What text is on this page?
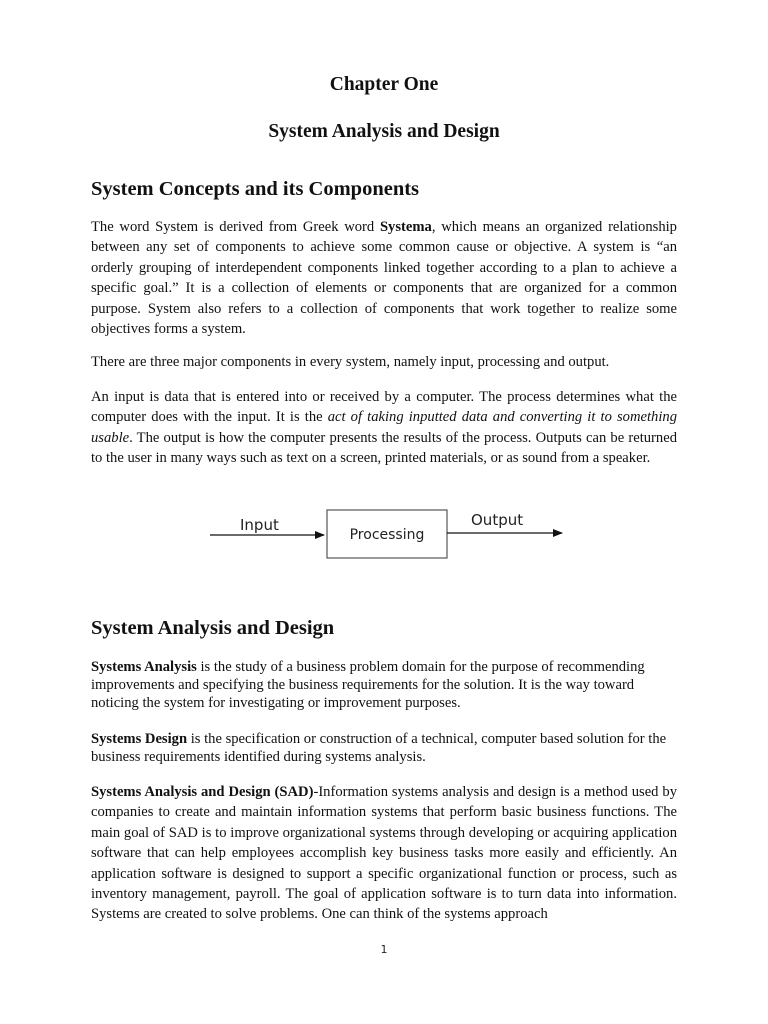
Chapter One
System Analysis and Design
System Concepts and its Components

The word System is derived from Greek word Systema, which means an organized relationship between any set of components to achieve some common cause or objective. A system is “an orderly grouping of interdependent components linked together according to a plan to achieve a specific goal.” It is a collection of elements or components that are organized for a common purpose. System also refers to a collection of components that work together to realize some objectives forms a system.

There are three major components in every system, namely input, processing and output.

An input is data that is entered into or received by a computer. The process determines what the computer does with the input. It is the act of taking inputted data and converting it to something usable. The output is how the computer presents the results of the process. Outputs can be returned to the user in many ways such as text on a screen, printed materials, or as sound from a speaker.

Input
Processing
Output
System Analysis and Design

Systems Analysis is the study of a business problem domain for the purpose of recommending improvements and specifying the business requirements for the solution. It is the way toward noticing the system for investigating or improvement purposes.

Systems Design is the specification or construction of a technical, computer based solution for the business requirements identified during systems analysis.

Systems Analysis and Design (SAD)-Information systems analysis and design is a method used by companies to create and maintain information systems that perform basic business functions. The main goal of SAD is to improve organizational systems through developing or acquiring application software that can help employees accomplish key business tasks more easily and efficiently. An application software is designed to support a specific organizational function or process, such as inventory management, payroll. The goal of application software is to turn data into information. Systems are created to solve problems. One can think of the systems approach

1
